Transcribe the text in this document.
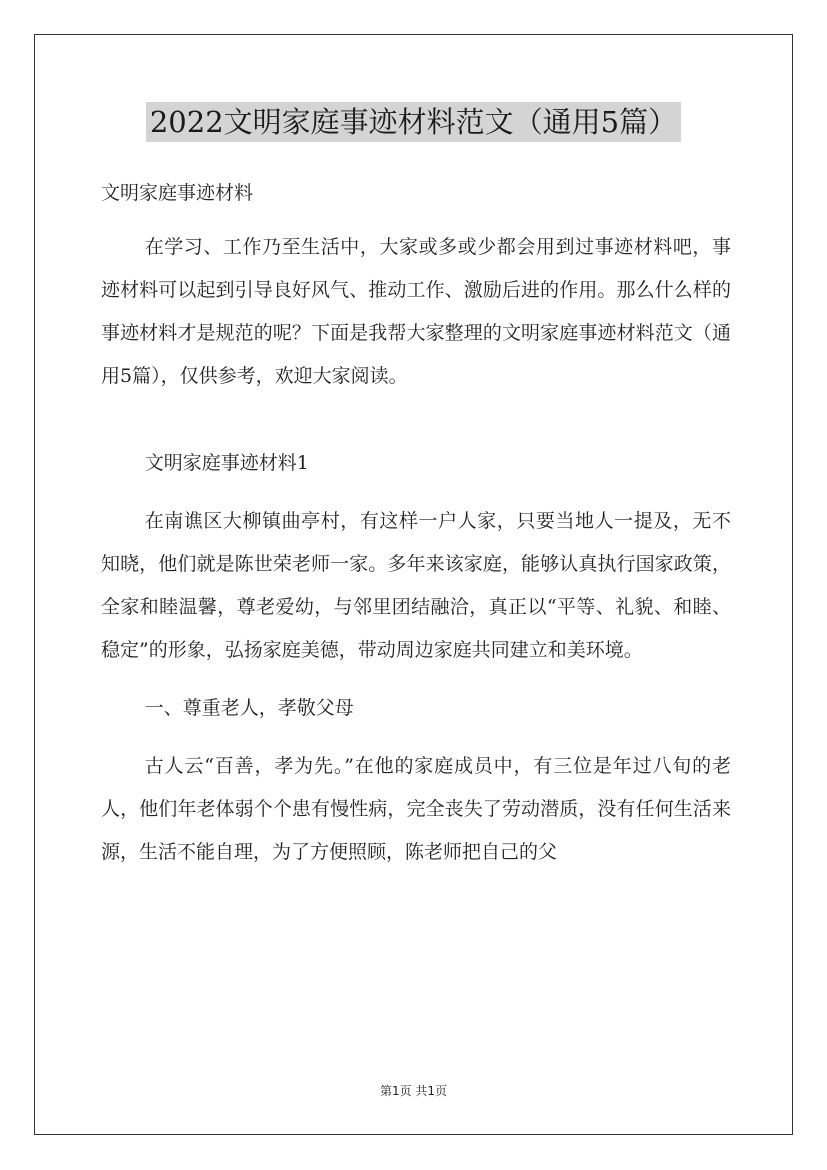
2022文明家庭事迹材料范文（通用5篇）

文明家庭事迹材料

在学习、工作乃至生活中，大家或多或少都会用到过事迹材料吧，事迹材料可以起到引导良好风气、推动工作、激励后进的作用。那么什么样的事迹材料才是规范的呢？下面是我帮大家整理的文明家庭事迹材料范文（通用5篇），仅供参考，欢迎大家阅读。

文明家庭事迹材料1

在南谯区大柳镇曲亭村，有这样一户人家，只要当地人一提及，无不知晓，他们就是陈世荣老师一家。多年来该家庭，能够认真执行国家政策，全家和睦温馨，尊老爱幼，与邻里团结融洽，真正以“平等、礼貌、和睦、稳定”的形象，弘扬家庭美德，带动周边家庭共同建立和美环境。

一、尊重老人，孝敬父母

古人云“百善，孝为先。”在他的家庭成员中，有三位是年过八旬的老人，他们年老体弱个个患有慢性病，完全丧失了劳动潜质，没有任何生活来源，生活不能自理，为了方便照顾，陈老师把自己的父

第1页 共1页
